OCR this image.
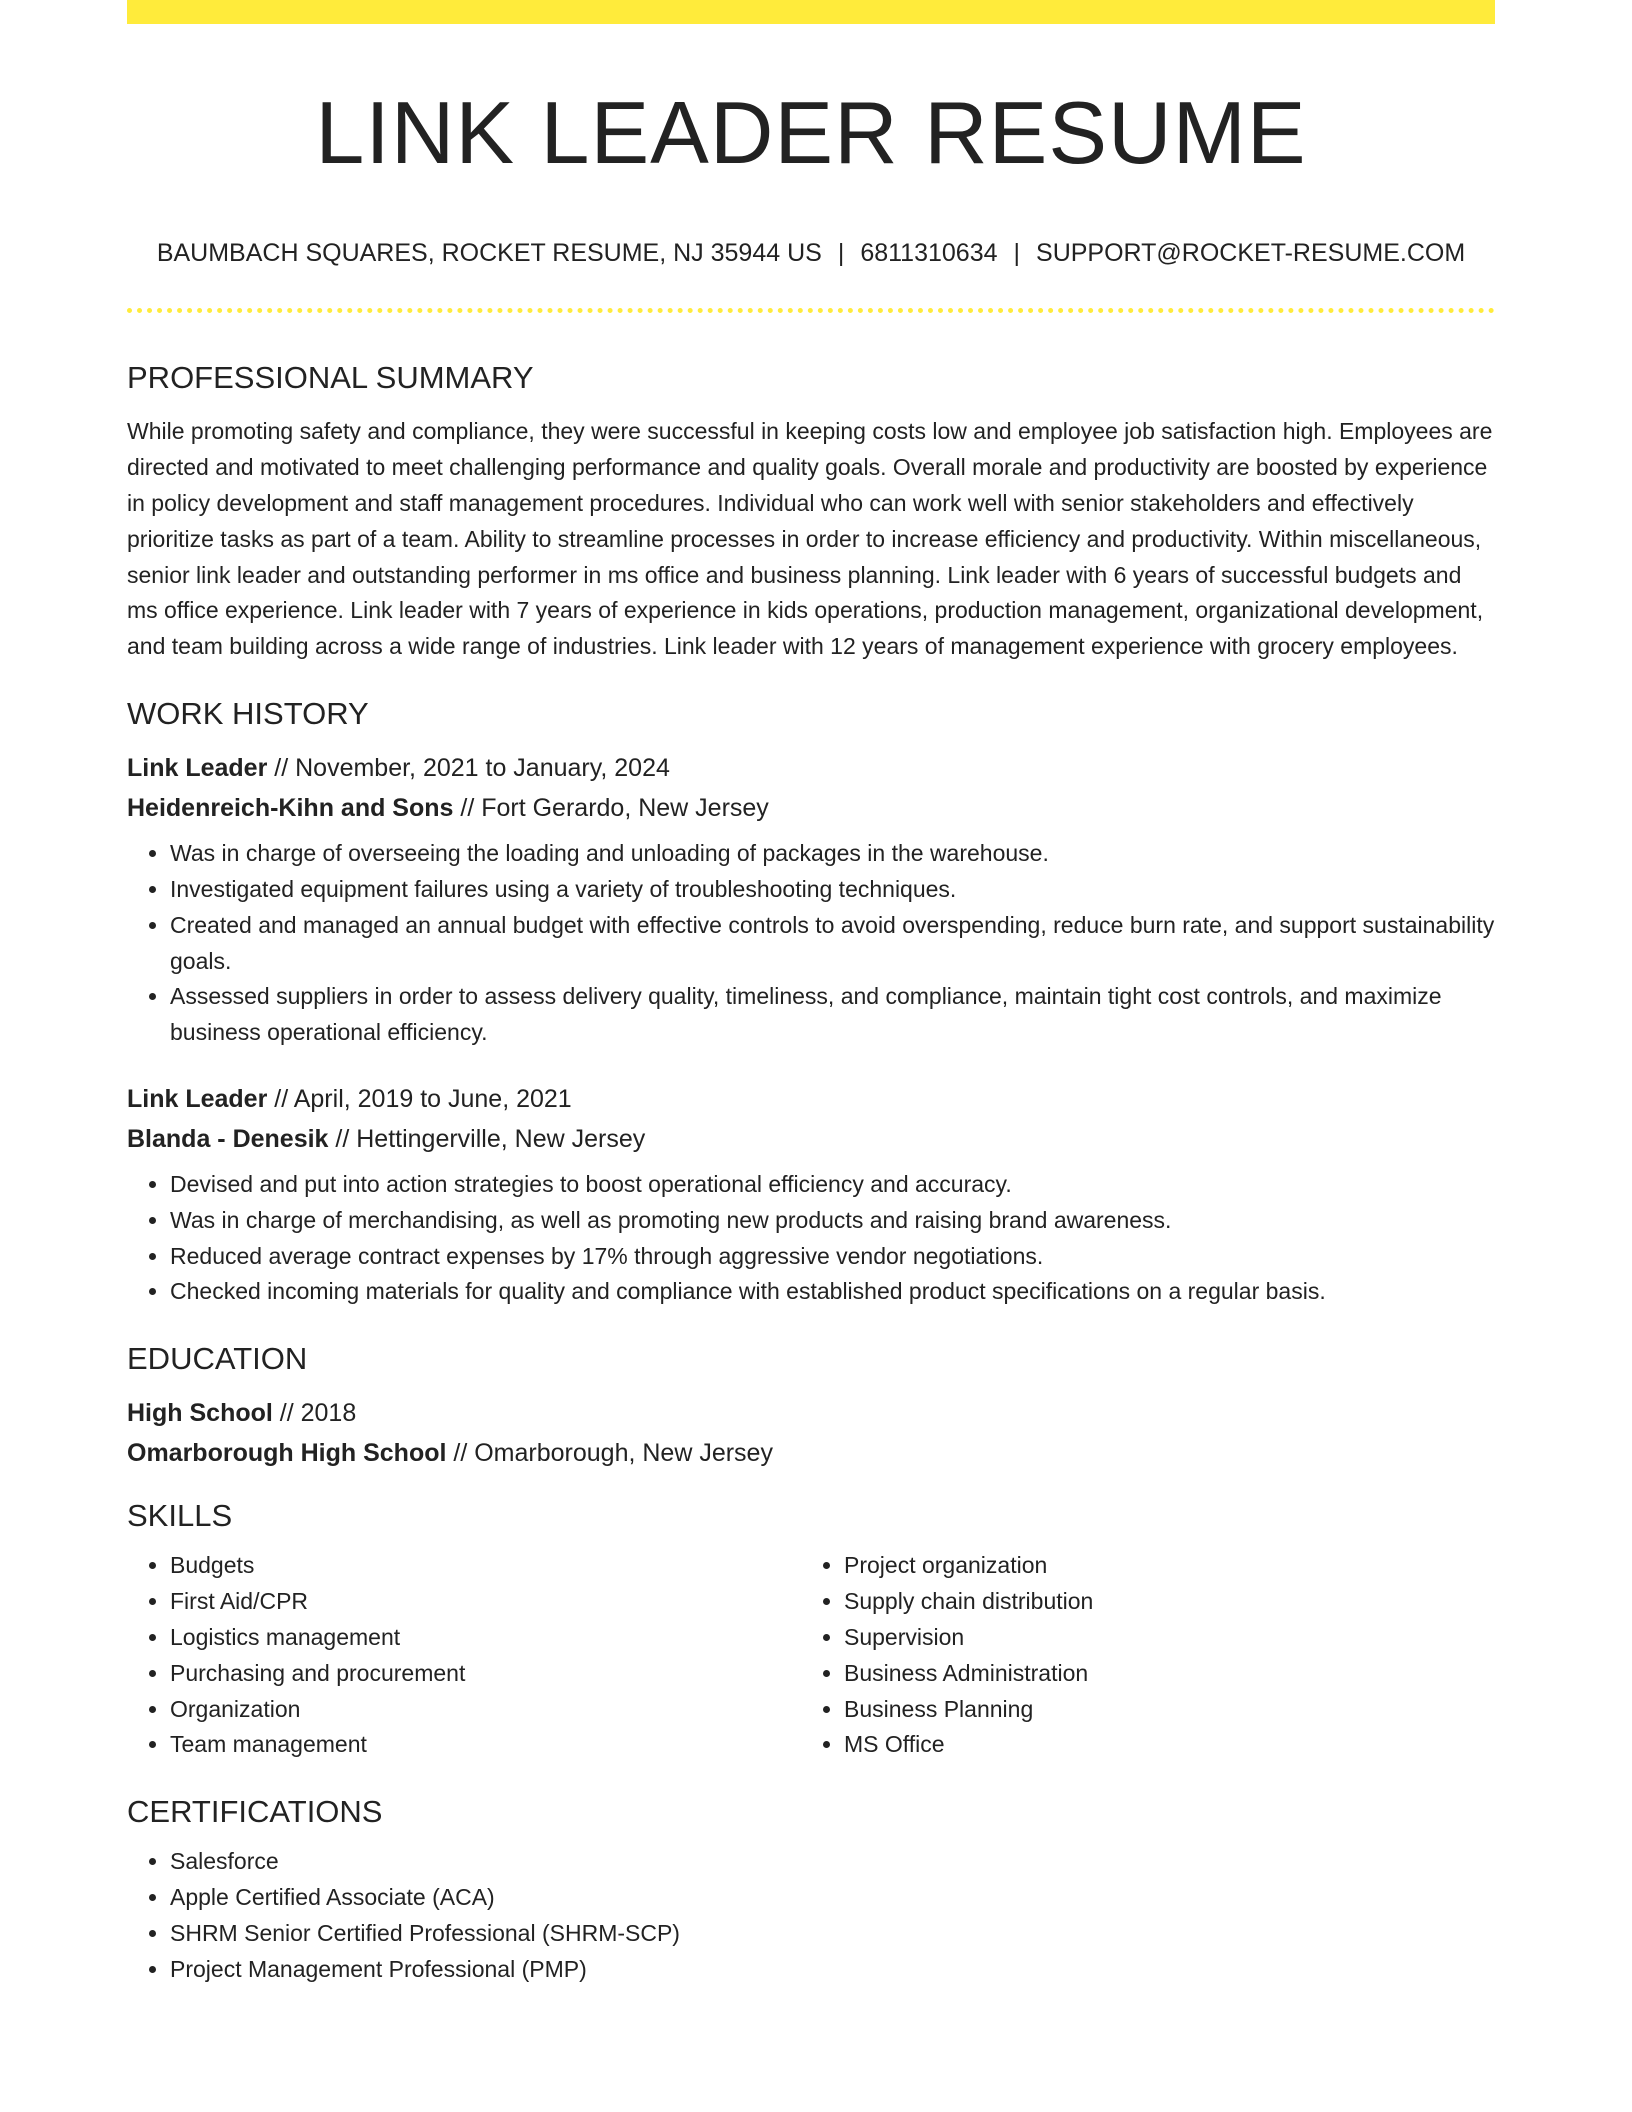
LINK LEADER RESUME
BAUMBACH SQUARES, ROCKET RESUME, NJ 35944 US | 6811310634 | SUPPORT@ROCKET-RESUME.COM
PROFESSIONAL SUMMARY

While promoting safety and compliance, they were successful in keeping costs low and employee job satisfaction high. Employees are directed and motivated to meet challenging performance and quality goals. Overall morale and productivity are boosted by experience in policy development and staff management procedures. Individual who can work well with senior stakeholders and effectively prioritize tasks as part of a team. Ability to streamline processes in order to increase efficiency and productivity. Within miscellaneous, senior link leader and outstanding performer in ms office and business planning. Link leader with 6 years of successful budgets and ms office experience. Link leader with 7 years of experience in kids operations, production management, organizational development, and team building across a wide range of industries. Link leader with 12 years of management experience with grocery employees.

WORK HISTORY
Link Leader // November, 2021 to January, 2024
Heidenreich-Kihn and Sons // Fort Gerardo, New Jersey
• Was in charge of overseeing the loading and unloading of packages in the warehouse.
• Investigated equipment failures using a variety of troubleshooting techniques.
• Created and managed an annual budget with effective controls to avoid overspending, reduce burn rate, and support sustainability goals.
• Assessed suppliers in order to assess delivery quality, timeliness, and compliance, maintain tight cost controls, and maximize business operational efficiency.
Link Leader // April, 2019 to June, 2021
Blanda - Denesik // Hettingerville, New Jersey
• Devised and put into action strategies to boost operational efficiency and accuracy.
• Was in charge of merchandising, as well as promoting new products and raising brand awareness.
• Reduced average contract expenses by 17% through aggressive vendor negotiations.
• Checked incoming materials for quality and compliance with established product specifications on a regular basis.
EDUCATION
High School // 2018
Omarborough High School // Omarborough, New Jersey
SKILLS
• Budgets
• First Aid/CPR
• Logistics management
• Purchasing and procurement
• Organization
• Team management
• Project organization
• Supply chain distribution
• Supervision
• Business Administration
• Business Planning
• MS Office
CERTIFICATIONS
• Salesforce
• Apple Certified Associate (ACA)
• SHRM Senior Certified Professional (SHRM-SCP)
• Project Management Professional (PMP)
